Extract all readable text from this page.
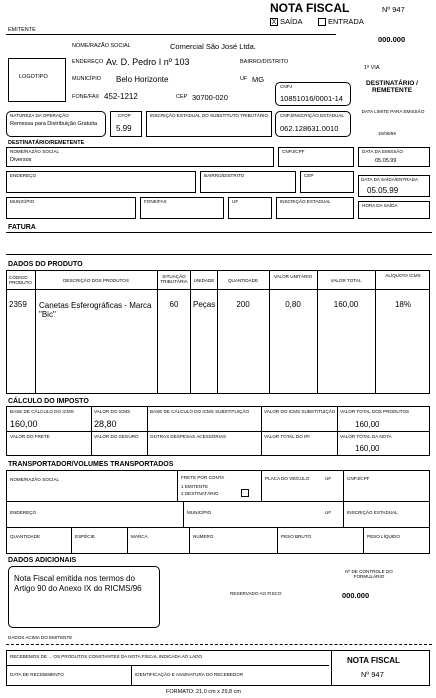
NOTA FISCAL	Nº 947
X SAÍDA	ENTRADA
000.000
1ª VIA
DESTINATÁRIO / REMETENTE
DATA LIMITE PARA EMISSÃO
10/08/99
EMITENTE
LOGOTIPO
NOME/RAZÃO SOCIAL	Comercial São José Ltda.
ENDEREÇO Av. D. Pedro I nº 103	BAIRRO/DISTRITO
MUNICÍPIO Belo Horizonte	UF MG
FONE/FAX 452-1212	CEP 30700-020
CNPJ
10851016/0001-14
NATUREZA DA OPERAÇÃO
Remessa para Distribuição Gratuita
CFOP
5.99
INSCRIÇÃO ESTADUAL DO SUBSTITUTO TRIBUTÁRIO	CNPJ/INSCRIÇÃO ESTADUAL
062.128631.0010
DESTINATÁRIO/REMETENTE
NOME/RAZÃO SOCIAL
Diversos
CNPJ/CPF	DATA DA EMISSÃO
05.05.99
ENDEREÇO	BAIRRO/DISTRITO	CEP
DATA DA SAÍDA/ENTRADA
05.05.99
MUNICÍPIO	FONE/FAX	UF	INSCRIÇÃO ESTADUAL
HORA DA SAÍDA
FATURA
DADOS DO PRODUTO
CÓDIGO PRODUTO	DESCRIÇÃO DOS PRODUTOS
SITUAÇÃO TRIBUTÁRIA	UNIDADE	QUANTIDADE
VALOR UNITÁRIO
VALOR TOTAL
ALÍQUOTA ICMS
2359 Canetas Esferográficas - Marca "Bic"
60	Peças	200	0,80	160,00	18%
CÁLCULO DO IMPOSTO
BASE DE CÁLCULO DO ICMS
160,00
VALOR DO ICMS
28,80
BASE DE CÁLCULO DO ICMS SUBSTITUIÇÃO	VALOR DO ICMS SUBSTITUIÇÃO VALOR TOTAL DOS PRODUTOS
160,00
VALOR DO FRETE	VALOR DO SEGURO OUTRAS DESPESAS ACESSÓRIAS	VALOR TOTAL DO IPI	VALOR TOTAL DA NOTA
160,00
TRANSPORTADOR/VOLUMES TRANSPORTADOS
NOME/RAZÃO SOCIAL	FRETE POR CONTA
1 EMITENTE
2 DESTINATÁRIO
PLACA DO VEÍCULO	UF	CNPJ/CPF
ENDEREÇO	MUNICÍPIO	UF	INSCRIÇÃO ESTADUAL
QUANTIDADE	ESPÉCIE	MARCA	NÚMERO	PESO BRUTO	PESO LÍQUIDO
DADOS ADICIONAIS
Nota Fiscal emitida nos termos do Artigo 90 do Anexo IX do RICMS/96
RESERVADO AO FISCO
Nº DE CONTROLE DO FORMULÁRIO
000.000
DADOS ACIMA DO EMITENTE
RECEBEMOS DE ... OS PRODUTOS CONSTANTES DA NOTA FISCAL INDICADA AO LADO
DATA DE RECEBIMENTO	IDENTIFICAÇÃO E ASSINATURA DO RECEBEDOR
NOTA FISCAL
Nº 947
FORMATO: 21,0 cm x 29,8 cm
